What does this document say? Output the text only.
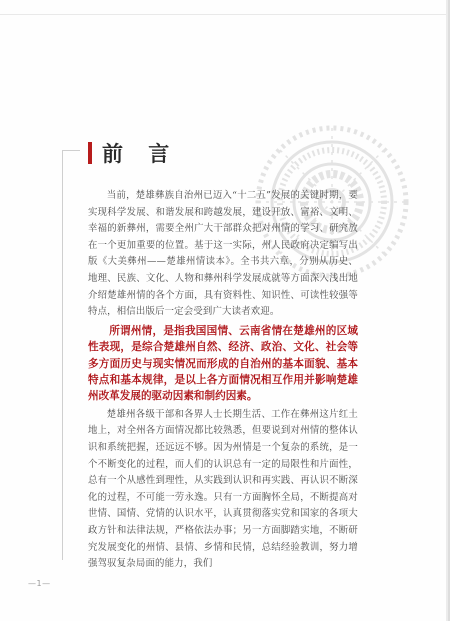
前 言

当前，楚雄彝族自治州已迈入“十二五”发展的关键时期，要实现科学发展、和谐发展和跨越发展，建设开放、富裕、文明、幸福的新彝州，需要全州广大干部群众把对州情的学习、研究放在一个更加重要的位置。基于这一实际，州人民政府决定编写出版《大美彝州——楚雄州情读本》。全书共六章，分别从历史、地理、民族、文化、人物和彝州科学发展成就等方面深入浅出地介绍楚雄州情的各个方面，具有资料性、知识性、可读性较强等特点，相信出版后一定会受到广大读者欢迎。

所谓州情，是指我国国情、云南省情在楚雄州的区域性表现，是综合楚雄州自然、经济、政治、文化、社会等多方面历史与现实情况而形成的自治州的基本面貌、基本特点和基本规律，是以上各方面情况相互作用并影响楚雄州改革发展的驱动因素和制约因素。

楚雄州各级干部和各界人士长期生活、工作在彝州这片红土地上，对全州各方面情况都比较熟悉，但要说到对州情的整体认识和系统把握，还远远不够。因为州情是一个复杂的系统，是一个不断变化的过程，而人们的认识总有一定的局限性和片面性，总有一个从感性到理性，从实践到认识和再实践、再认识不断深化的过程，不可能一劳永逸。只有一方面胸怀全局，不断提高对世情、国情、党情的认识水平，认真贯彻落实党和国家的各项大政方针和法律法规，严格依法办事；另一方面脚踏实地，不断研究发展变化的州情、县情、乡情和民情，总结经验教训，努力增强驾驭复杂局面的能力，我们

—1—
